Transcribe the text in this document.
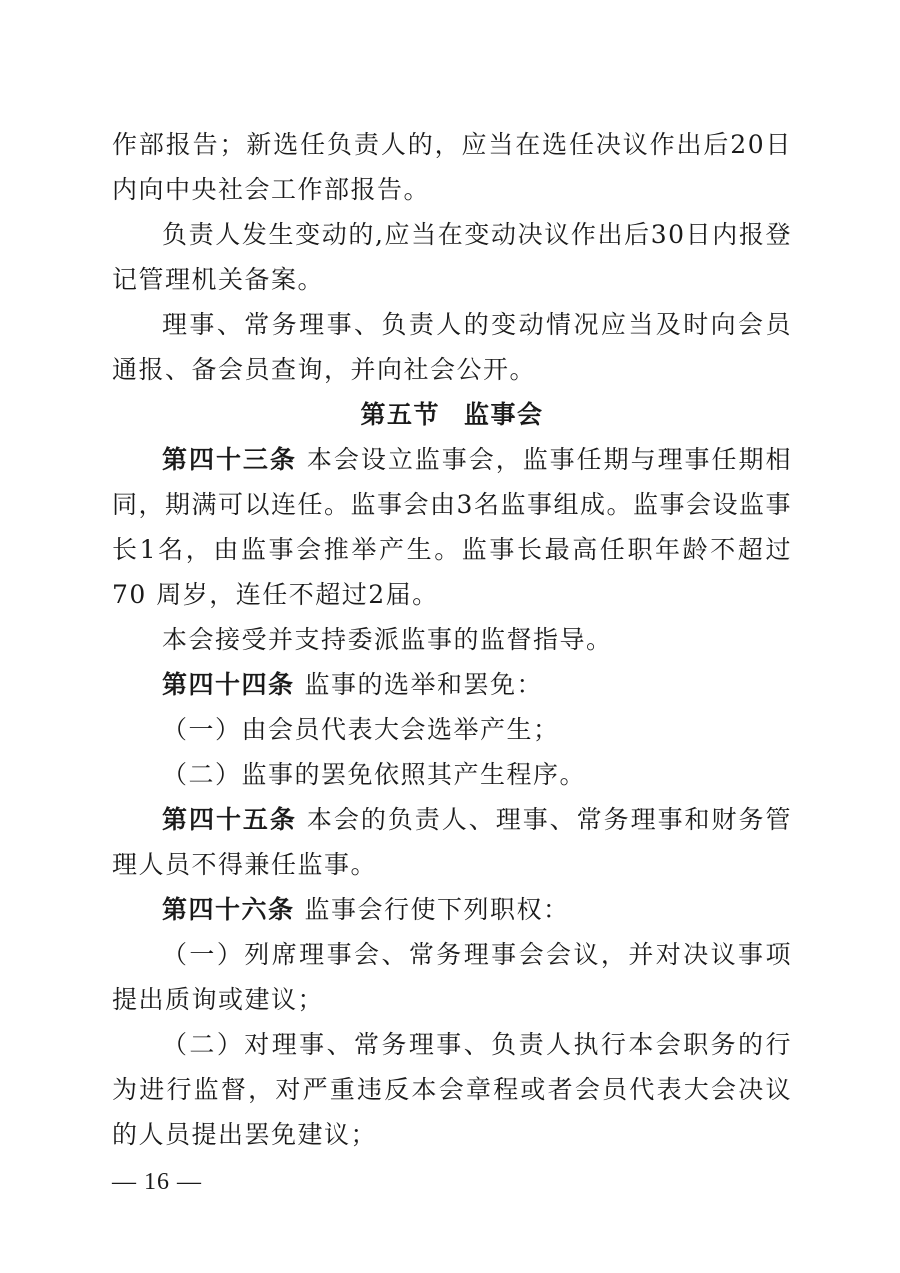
作部报告；新选任负责人的，应当在选任决议作出后20日内向中央社会工作部报告。

负责人发生变动的,应当在变动决议作出后30日内报登记管理机关备案。

理事、常务理事、负责人的变动情况应当及时向会员通报、备会员查询，并向社会公开。

第五节 监事会

第四十三条 本会设立监事会，监事任期与理事任期相同，期满可以连任。监事会由3名监事组成。监事会设监事长1名，由监事会推举产生。监事长最高任职年龄不超过 70 周岁，连任不超过2届。

本会接受并支持委派监事的监督指导。

第四十四条 监事的选举和罢免：

（一）由会员代表大会选举产生；

（二）监事的罢免依照其产生程序。

第四十五条 本会的负责人、理事、常务理事和财务管理人员不得兼任监事。

第四十六条 监事会行使下列职权：

（一）列席理事会、常务理事会会议，并对决议事项提出质询或建议；

（二）对理事、常务理事、负责人执行本会职务的行为进行监督，对严重违反本会章程或者会员代表大会决议的人员提出罢免建议；

— 16 —
